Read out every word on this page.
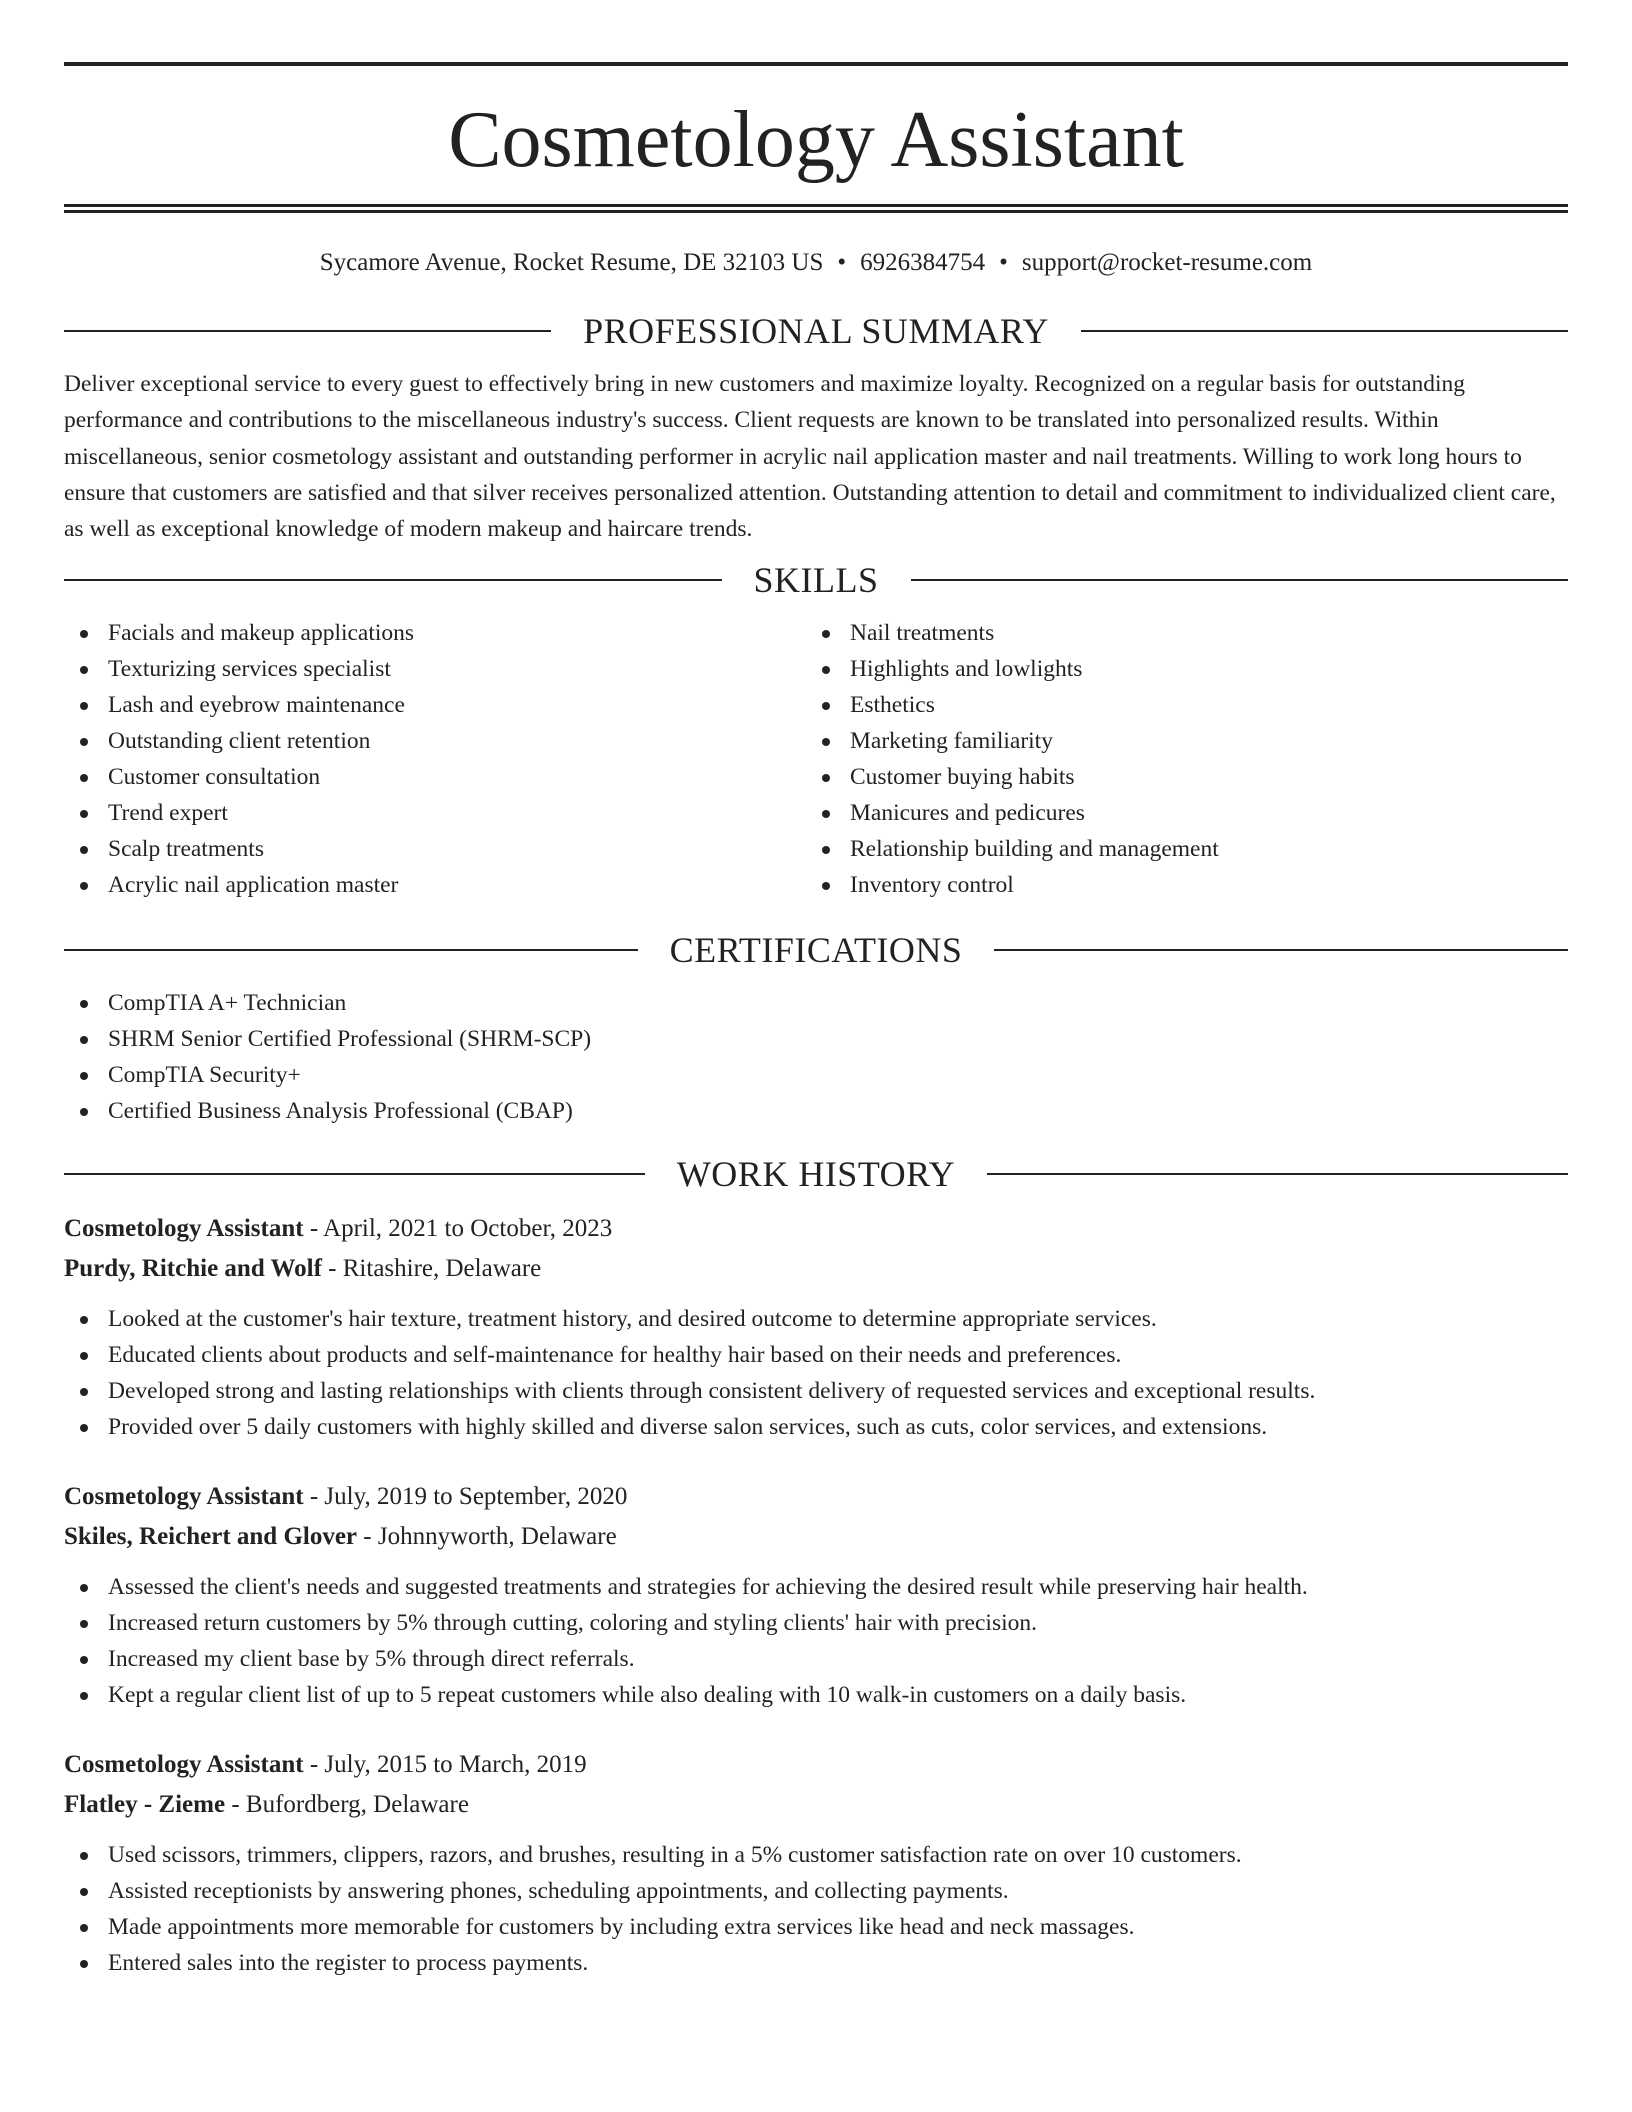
Cosmetology Assistant
Sycamore Avenue, Rocket Resume, DE 32103 US • 6926384754 • support@rocket-resume.com
PROFESSIONAL SUMMARY

Deliver exceptional service to every guest to effectively bring in new customers and maximize loyalty. Recognized on a regular basis for outstanding performance and contributions to the miscellaneous industry's success. Client requests are known to be translated into personalized results. Within miscellaneous, senior cosmetology assistant and outstanding performer in acrylic nail application master and nail treatments. Willing to work long hours to ensure that customers are satisfied and that silver receives personalized attention. Outstanding attention to detail and commitment to individualized client care, as well as exceptional knowledge of modern makeup and haircare trends.

SKILLS
Facials and makeup applications
Texturizing services specialist
Lash and eyebrow maintenance
Outstanding client retention
Customer consultation
Trend expert
Scalp treatments
Acrylic nail application master
Nail treatments
Highlights and lowlights
Esthetics
Marketing familiarity
Customer buying habits
Manicures and pedicures
Relationship building and management
Inventory control
CERTIFICATIONS
CompTIA A+ Technician
SHRM Senior Certified Professional (SHRM-SCP)
CompTIA Security+
Certified Business Analysis Professional (CBAP)
WORK HISTORY
Cosmetology Assistant - April, 2021 to October, 2023
Purdy, Ritchie and Wolf - Ritashire, Delaware
Looked at the customer's hair texture, treatment history, and desired outcome to determine appropriate services.
Educated clients about products and self-maintenance for healthy hair based on their needs and preferences.
Developed strong and lasting relationships with clients through consistent delivery of requested services and exceptional results.
Provided over 5 daily customers with highly skilled and diverse salon services, such as cuts, color services, and extensions.
Cosmetology Assistant - July, 2019 to September, 2020
Skiles, Reichert and Glover - Johnnyworth, Delaware
Assessed the client's needs and suggested treatments and strategies for achieving the desired result while preserving hair health.
Increased return customers by 5% through cutting, coloring and styling clients' hair with precision.
Increased my client base by 5% through direct referrals.
Kept a regular client list of up to 5 repeat customers while also dealing with 10 walk-in customers on a daily basis.
Cosmetology Assistant - July, 2015 to March, 2019
Flatley - Zieme - Bufordberg, Delaware
Used scissors, trimmers, clippers, razors, and brushes, resulting in a 5% customer satisfaction rate on over 10 customers.
Assisted receptionists by answering phones, scheduling appointments, and collecting payments.
Made appointments more memorable for customers by including extra services like head and neck massages.
Entered sales into the register to process payments.
